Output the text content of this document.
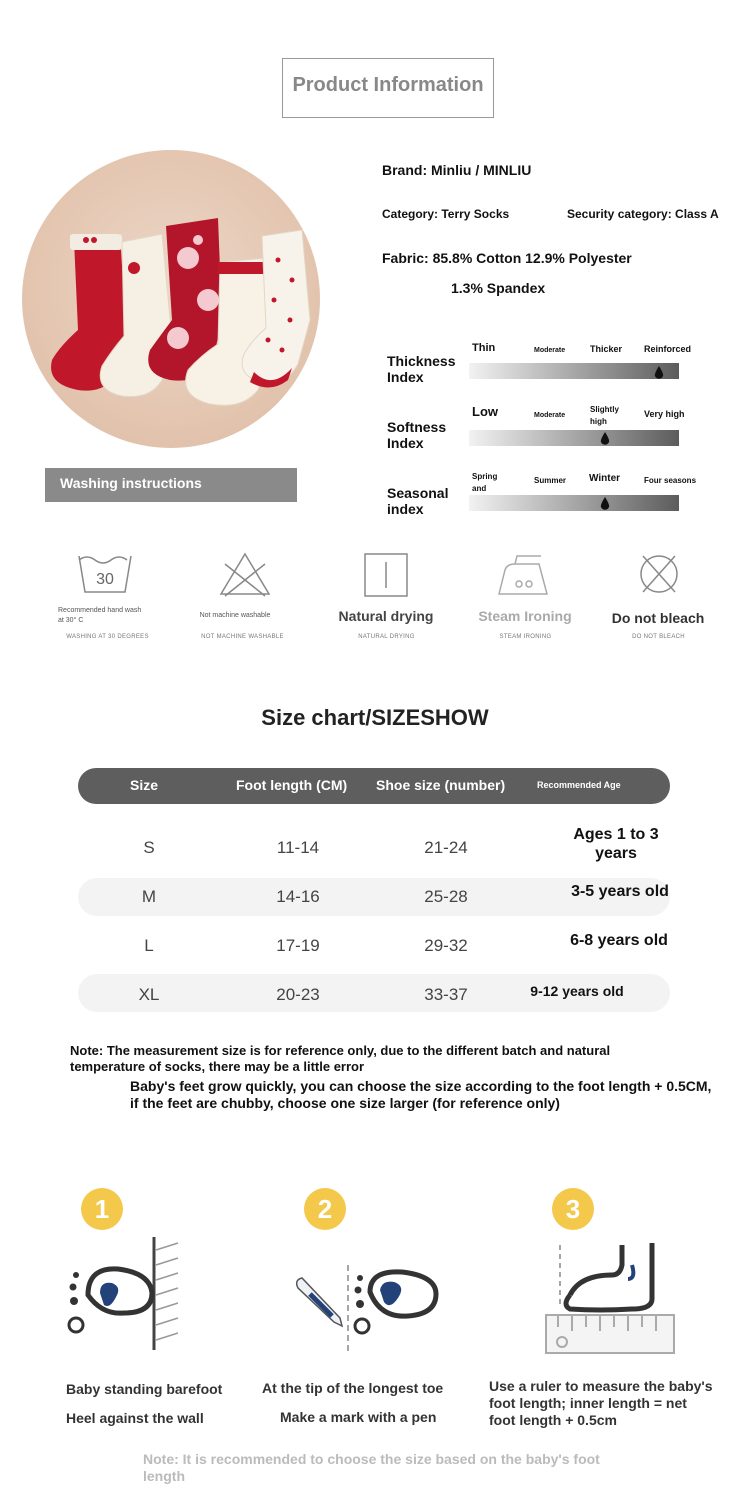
Product Information
Brand: Minliu / MINLIU
Category: Terry Socks	Security category: Class A
Fabric: 85.8% Cotton 12.9% Polyester
1.3% Spandex
Washing instructions
Thickness
Index
Thin	Moderate	Thicker Reinforced
Softness
Index
Low	Moderate
Slightly
high
Very high
Seasonal
index
Spring
and
Summer Winter	Four seasons
30
Recommended hand wash
at 30° C
WASHING AT 30 DEGREES
Not machine washable
NOT MACHINE WASHABLE
Natural drying
NATURAL DRYING
Steam Ironing
STEAM IRONING
Do not bleach
DO NOT BLEACH
Size chart/SIZESHOW
Size	Foot length (CM) Shoe size (number)	Recommended Age
S	11-14	21-24
Ages 1 to 3
years
M	14-16	25-28	3-5 years old
L	17-19	29-32	6-8 years old
XL	20-23	33-37	9-12 years old
Note: The measurement size is for reference only, due to the different batch and natural
temperature of socks, there may be a little error
Baby's feet grow quickly, you can choose the size according to the foot length + 0.5CM,
if the feet are chubby, choose one size larger (for reference only)
1	2	3
Baby standing barefoot
Heel against the wall
At the tip of the longest toe
Make a mark with a pen
Use a ruler to measure the baby's
foot length; inner length = net
foot length + 0.5cm
Note: It is recommended to choose the size based on the baby's foot
length
